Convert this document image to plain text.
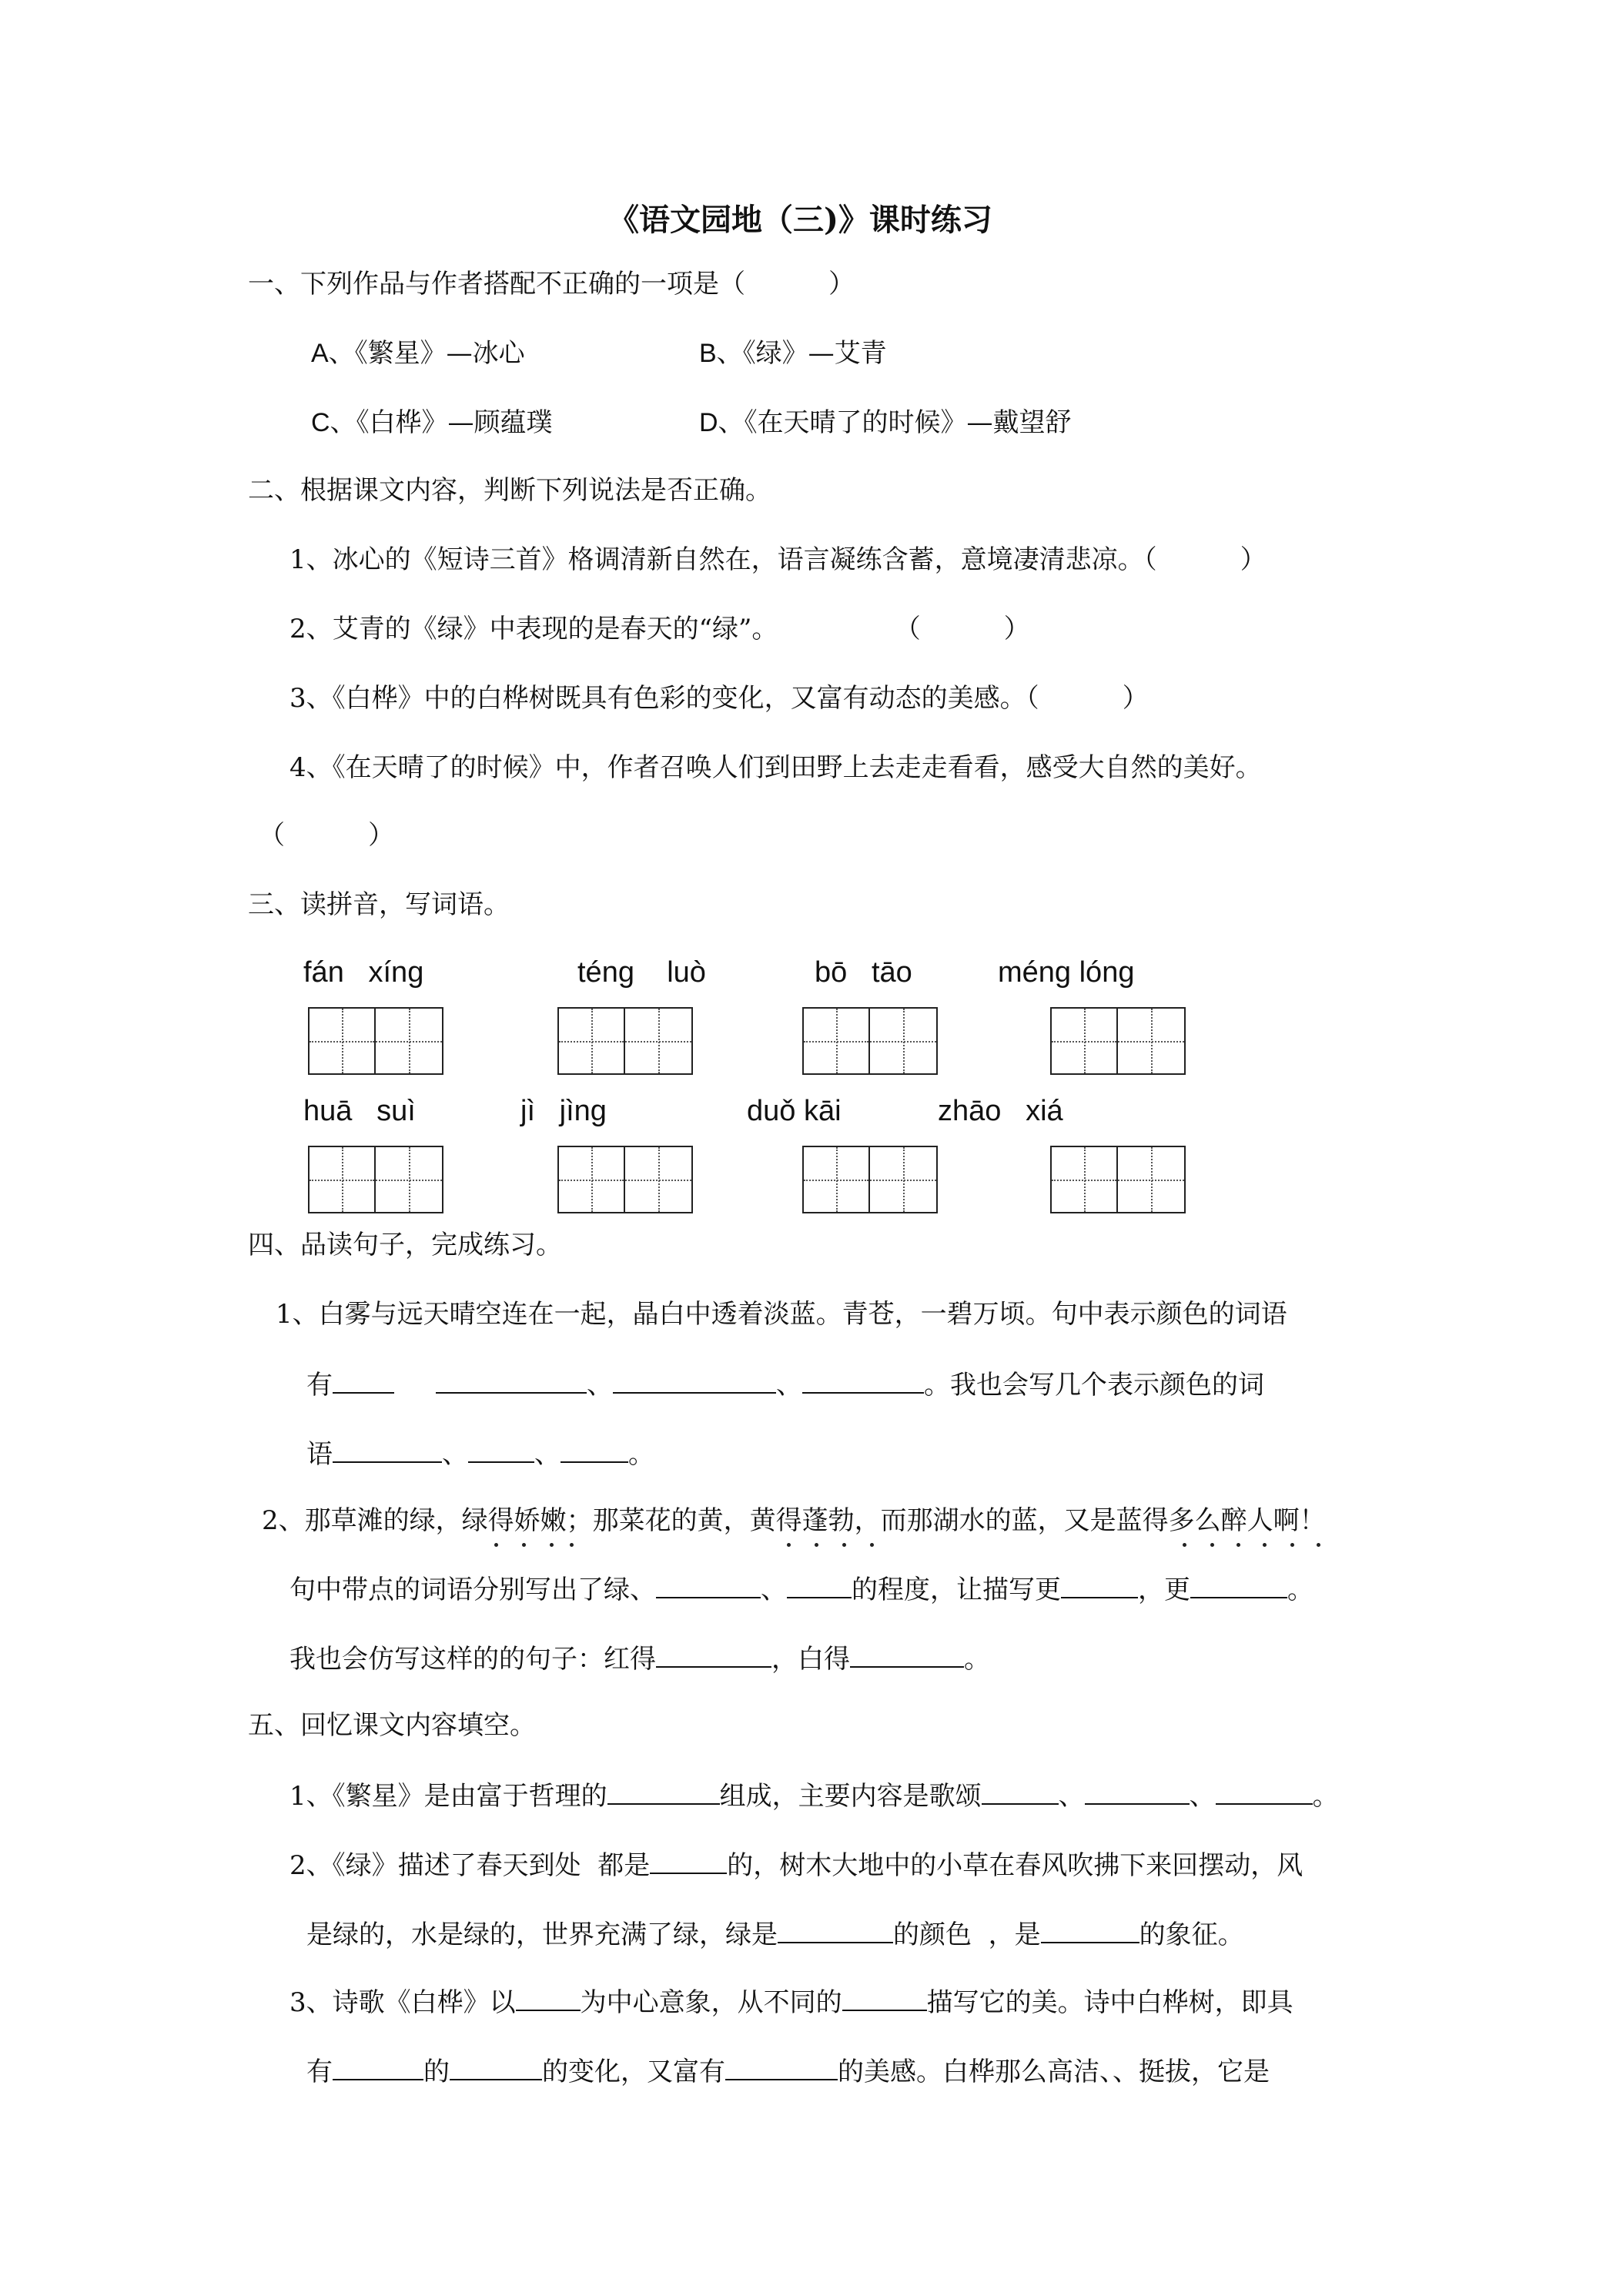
《语文园地（三)》课时练习
一、下列作品与作者搭配不正确的一项是（          ）
A、《繁星》—冰心	B、《绿》—艾青
C、《白桦》—顾蕴璞	D、《在天晴了的时候》—戴望舒
二、根据课文内容，判断下列说法是否正确。
1、冰心的《短诗三首》格调清新自然在，语言凝练含蓄，意境凄清悲凉。（          ）
2、艾青的《绿》中表现的是春天的“绿”。              （          ）
3、《白桦》中的白桦树既具有色彩的变化，又富有动态的美感。（          ）
4、《在天晴了的时候》中，作者召唤人们到田野上去走走看看，感受大自然的美好。
（          ）
三、读拼音，写词语。
fán   xíng	téng    luò	bō   tāo	méng lóng
huā   suì	jì   jìng	duǒ kāi	zhāo   xiá
四、品读句子，完成练习。
1、白雾与远天晴空连在一起，晶白中透着淡蓝。青苍，一碧万顷。句中表示颜色的词语
有	、	、	。我也会写几个表示颜色的词
语	、	、	。
2、那草滩的绿，绿得娇嫩；那菜花的黄，黄得蓬勃，而那湖水的蓝，又是蓝得多么醉人啊！
句中带点的词语分别写出了绿、	、 的程度，让描写更	，更	。
我也会仿写这样的的句子：红得	，白得	。
五、回忆课文内容填空。
1、《繁星》是由富于哲理的	组成，主要内容是歌颂	、	、	。
2、《绿》描述了春天到处  都是	的，树木大地中的小草在春风吹拂下来回摆动，风
是绿的，水是绿的，世界充满了绿，绿是	的颜色  ，是	的象征。
3、诗歌《白桦》以 为中心意象，从不同的	描写它的美。诗中白桦树，即具
有	的	的变化，又富有	的美感。白桦那么高洁、、挺拔，它是
